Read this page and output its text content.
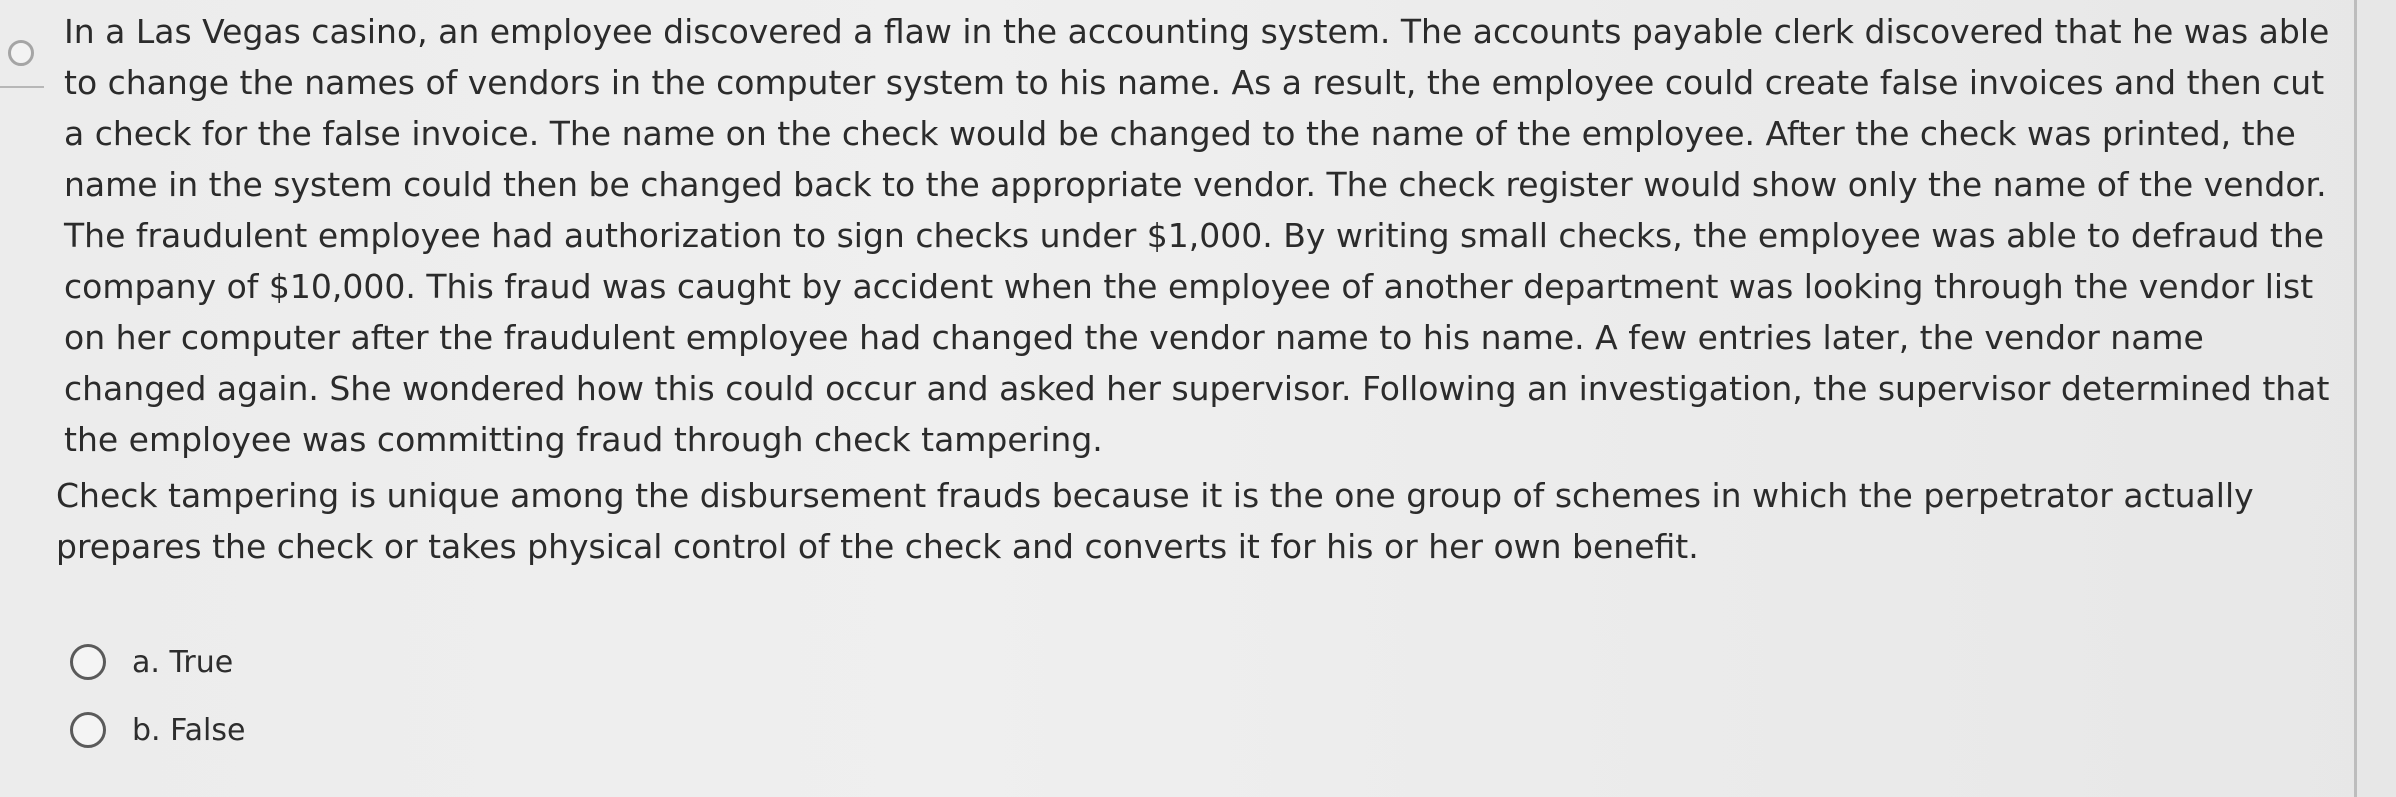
In a Las Vegas casino, an employee discovered a flaw in the accounting system. The accounts payable clerk discovered that he was able to change the names of vendors in the computer system to his name. As a result, the employee could create false invoices and then cut a check for the false invoice. The name on the check would be changed to the name of the employee. After the check was printed, the name in the system could then be changed back to the appropriate vendor. The check register would show only the name of the vendor. The fraudulent employee had authorization to sign checks under $1,000. By writing small checks, the employee was able to defraud the company of $10,000. This fraud was caught by accident when the employee of another department was looking through the vendor list on her computer after the fraudulent employee had changed the vendor name to his name. A few entries later, the vendor name changed again. She wondered how this could occur and asked her supervisor. Following an investigation, the supervisor determined that the employee was committing fraud through check tampering.

Check tampering is unique among the disbursement frauds because it is the one group of schemes in which the perpetrator actually prepares the check or takes physical control of the check and converts it for his or her own benefit.

a. True
b. False
